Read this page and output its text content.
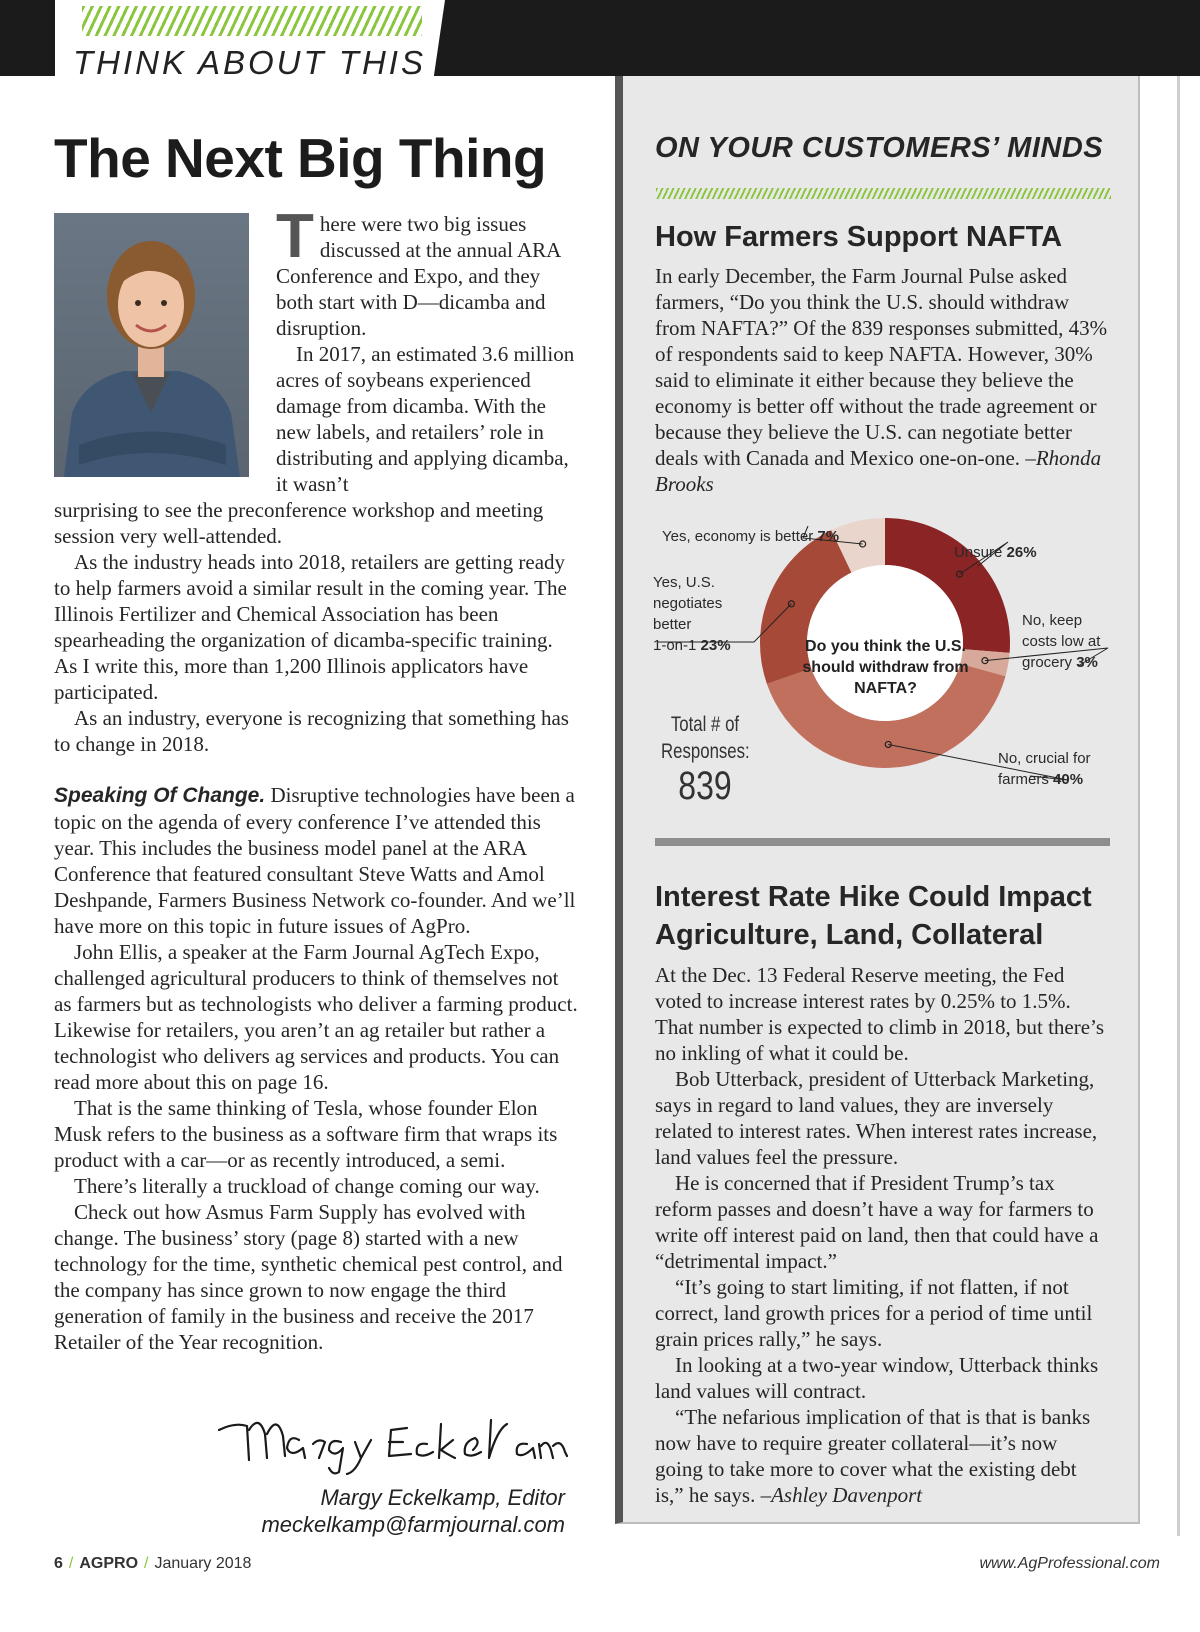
THINK ABOUT THIS
The Next Big Thing
T here were two big issues discussed at the annual ARA Conference and Expo, and they both start with D—dicamba and disruption.

In 2017, an estimated 3.6 million acres of soybeans experienced damage from dicamba. With the new labels, and retailers’ role in distributing and applying dicamba, it wasn’t

surprising to see the preconference workshop and meeting session very well-attended.

As the industry heads into 2018, retailers are getting ready to help farmers avoid a similar result in the coming year. The Illinois Fertilizer and Chemical Association has been spearheading the organization of dicamba-specific training. As I write this, more than 1,200 Illinois applicators have participated.

As an industry, everyone is recognizing that something has to change in 2018.

Speaking Of Change. Disruptive technologies have been a topic on the agenda of every conference I’ve attended this year. This includes the business model panel at the ARA Conference that featured consultant Steve Watts and Amol Deshpande, Farmers Business Network co-founder. And we’ll have more on this topic in future issues of AgPro.

John Ellis, a speaker at the Farm Journal AgTech Expo, challenged agricultural producers to think of themselves not as farmers but as technologists who deliver a farming product. Likewise for retailers, you aren’t an ag retailer but rather a technologist who delivers ag services and products. You can read more about this on page 16.

That is the same thinking of Tesla, whose founder Elon Musk refers to the business as a software firm that wraps its product with a car—or as recently introduced, a semi.

There’s literally a truckload of change coming our way.

Check out how Asmus Farm Supply has evolved with change. The business’ story (page 8) started with a new technology for the time, synthetic chemical pest control, and the company has since grown to now engage the third generation of family in the business and receive the 2017 Retailer of the Year recognition.

Margy Eckelkamp, Editor
meckelkamp@farmjournal.com
6 / AGPRO / January 2018	www.AgProfessional.com
ON YOUR CUSTOMERS’ MINDS
How Farmers Support NAFTA
In early December, the Farm Journal Pulse asked farmers, “Do you think the U.S. should withdraw from NAFTA?” Of the 839 responses submitted, 43% of respondents said to keep NAFTA. However, 30% said to eliminate it either because they believe the economy is better off without the trade agreement or because they believe the U.S. can negotiate better deals with Canada and Mexico one-on-one. –Rhonda Brooks
Do you think the U.S. should withdraw from NAFTA?
Total # of Responses:
839
Yes, economy is better 7%
Unsure 26%
Yes, U.S.
negotiates
better
1-on-1 23%
No, keep
costs low at
grocery 3%
No, crucial for
farmers 40%
Interest Rate Hike Could Impact Agriculture, Land, Collateral

At the Dec. 13 Federal Reserve meeting, the Fed voted to increase interest rates by 0.25% to 1.5%. That number is expected to climb in 2018, but there’s no inkling of what it could be.

Bob Utterback, president of Utterback Marketing, says in regard to land values, they are inversely related to interest rates. When interest rates increase, land values feel the pressure.

He is concerned that if President Trump’s tax reform passes and doesn’t have a way for farmers to write off interest paid on land, then that could have a “detrimental impact.”

“It’s going to start limiting, if not flatten, if not correct, land growth prices for a period of time until grain prices rally,” he says.

In looking at a two-year window, Utterback thinks land values will contract.

“The nefarious implication of that is that is banks now have to require greater collateral—it’s now going to take more to cover what the existing debt is,” he says. –Ashley Davenport
